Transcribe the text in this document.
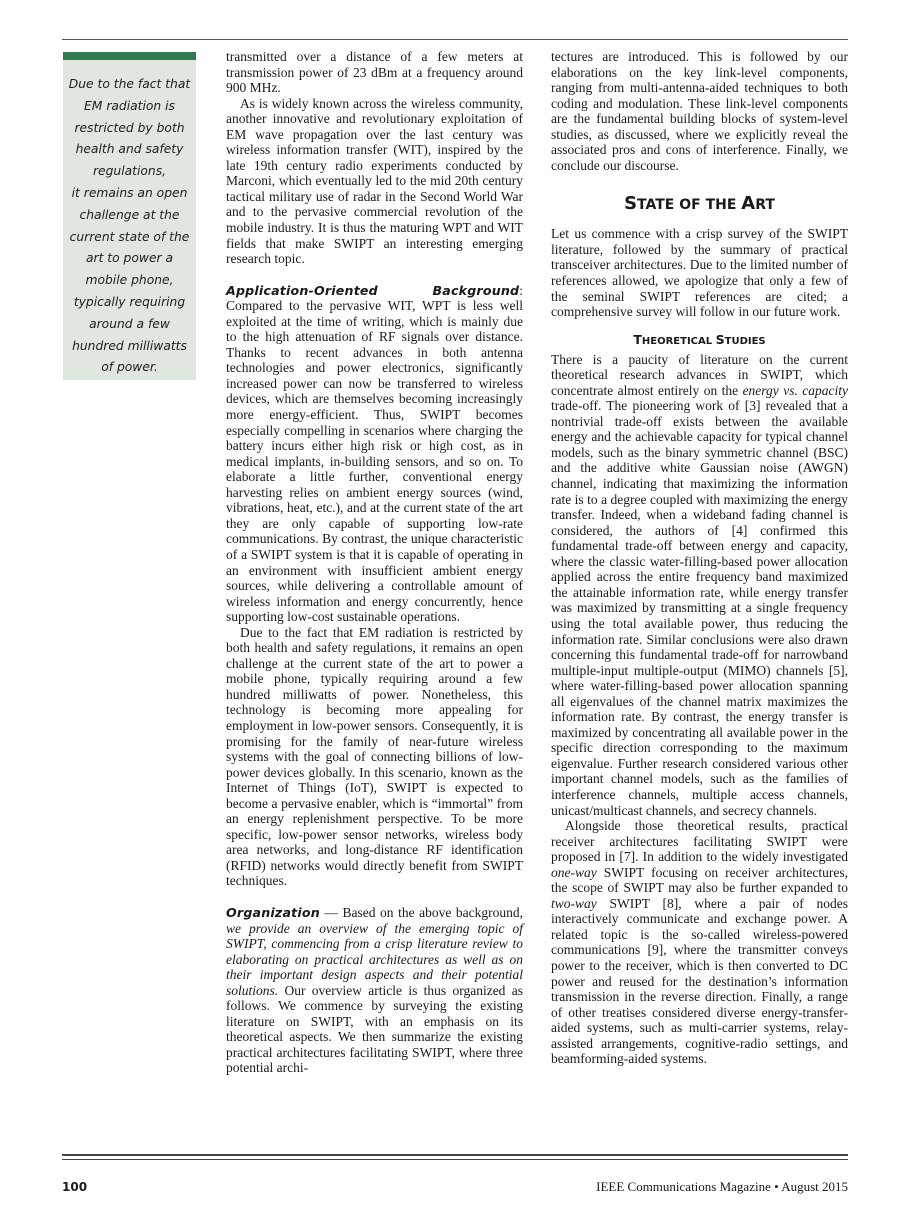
Due to the fact that

EM radiation is

restricted by both

health and safety

regulations,

it remains an open

challenge at the

current state of the

art to power a

mobile phone,

typically requiring

around a few

hundred milliwatts

of power.

transmitted over a distance of a few meters at transmission power of 23 dBm at a frequency around 900 MHz.

As is widely known across the wireless community, another innovative and revolutionary exploitation of EM wave propagation over the last century was wireless information transfer (WIT), inspired by the late 19th century radio experiments conducted by Marconi, which eventually led to the mid 20th century tactical military use of radar in the Second World War and to the pervasive commercial revolution of the mobile industry. It is thus the maturing WPT and WIT fields that make SWIPT an interesting emerging research topic.

Application-Oriented Background: Compared to the pervasive WIT, WPT is less well exploited at the time of writing, which is mainly due to the high attenuation of RF signals over distance. Thanks to recent advances in both antenna technologies and power electronics, significantly increased power can now be transferred to wireless devices, which are themselves becoming increasingly more energy-efficient. Thus, SWIPT becomes especially compelling in scenarios where charging the battery incurs either high risk or high cost, as in medical implants, in-building sensors, and so on. To elaborate a little further, conventional energy harvesting relies on ambient energy sources (wind, vibrations, heat, etc.), and at the current state of the art they are only capable of supporting low-rate communications. By contrast, the unique characteristic of a SWIPT system is that it is capable of operating in an environment with insufficient ambient energy sources, while delivering a controllable amount of wireless information and energy concurrently, hence supporting low-cost sustainable operations.

Due to the fact that EM radiation is restricted by both health and safety regulations, it remains an open challenge at the current state of the art to power a mobile phone, typically requiring around a few hundred milliwatts of power. Nonetheless, this technology is becoming more appealing for employment in low-power sensors. Consequently, it is promising for the family of near-future wireless systems with the goal of connecting billions of low-power devices globally. In this scenario, known as the Internet of Things (IoT), SWIPT is expected to become a pervasive enabler, which is “immortal” from an energy replenishment perspective. To be more specific, low-power sensor networks, wireless body area networks, and long-distance RF identification (RFID) networks would directly benefit from SWIPT techniques.

Organization — Based on the above background, we provide an overview of the emerging topic of SWIPT, commencing from a crisp literature review to elaborating on practical architectures as well as on their important design aspects and their potential solutions. Our overview article is thus organized as follows. We commence by surveying the existing literature on SWIPT, with an emphasis on its theoretical aspects. We then summarize the existing practical architectures facilitating SWIPT, where three potential archi-

tectures are introduced. This is followed by our elaborations on the key link-level components, ranging from multi-antenna-aided techniques to both coding and modulation. These link-level components are the fundamental building blocks of system-level studies, as discussed, where we explicitly reveal the associated pros and cons of interference. Finally, we conclude our discourse.

STATE OF THE ART

Let us commence with a crisp survey of the SWIPT literature, followed by the summary of practical transceiver architectures. Due to the limited number of references allowed, we apologize that only a few of the seminal SWIPT references are cited; a comprehensive survey will follow in our future work.

THEORETICAL STUDIES

There is a paucity of literature on the current theoretical research advances in SWIPT, which concentrate almost entirely on the energy vs. capacity trade-off. The pioneering work of [3] revealed that a nontrivial trade-off exists between the available energy and the achievable capacity for typical channel models, such as the binary symmetric channel (BSC) and the additive white Gaussian noise (AWGN) channel, indicating that maximizing the information rate is to a degree coupled with maximizing the energy transfer. Indeed, when a wideband fading channel is considered, the authors of [4] confirmed this fundamental trade-off between energy and capacity, where the classic water-filling-based power allocation applied across the entire frequency band maximized the attainable information rate, while energy transfer was maximized by transmitting at a single frequency using the total available power, thus reducing the information rate. Similar conclusions were also drawn concerning this fundamental trade-off for narrowband multiple-input multiple-output (MIMO) channels [5], where water-filling-based power allocation spanning all eigenvalues of the channel matrix maximizes the information rate. By contrast, the energy transfer is maximized by concentrating all available power in the specific direction corresponding to the maximum eigenvalue. Further research considered various other important channel models, such as the families of interference channels, multiple access channels, unicast/multicast channels, and secrecy channels.

Alongside those theoretical results, practical receiver architectures facilitating SWIPT were proposed in [7]. In addition to the widely investigated one-way SWIPT focusing on receiver architectures, the scope of SWIPT may also be further expanded to two-way SWIPT [8], where a pair of nodes interactively communicate and exchange power. A related topic is the so-called wireless-powered communications [9], where the transmitter conveys power to the receiver, which is then converted to DC power and reused for the destination’s information transmission in the reverse direction. Finally, a range of other treatises considered diverse energy-transfer-aided systems, such as multi-carrier systems, relay-assisted arrangements, cognitive-radio settings, and beamforming-aided systems.

100	IEEE Communications Magazine • August 2015
